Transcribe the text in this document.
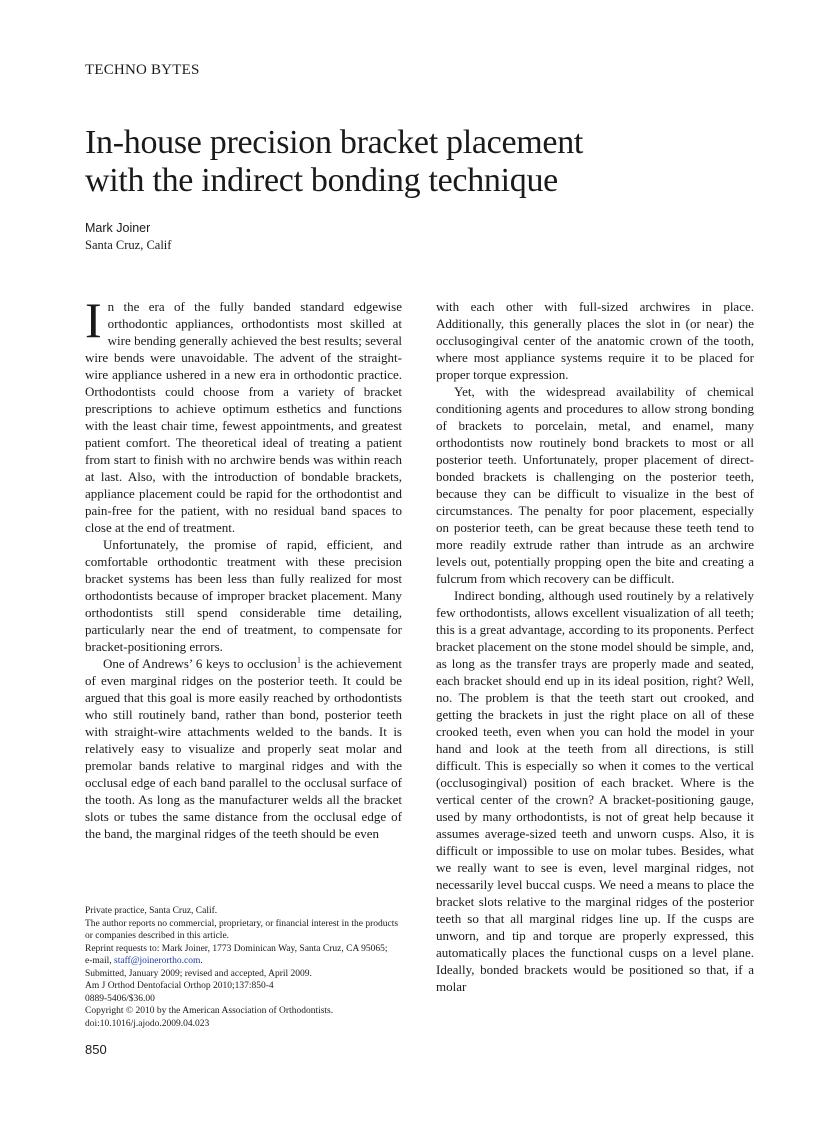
TECHNO BYTES
In-house precision bracket placement
with the indirect bonding technique
Mark Joiner
Santa Cruz, Calif

In the era of the fully banded standard edgewise orthodontic appliances, orthodontists most skilled at wire bending generally achieved the best results; several wire bends were unavoidable. The advent of the straight-wire appliance ushered in a new era in orthodontic practice. Orthodontists could choose from a variety of bracket prescriptions to achieve optimum esthetics and functions with the least chair time, fewest appointments, and greatest patient comfort. The theoretical ideal of treating a patient from start to finish with no archwire bends was within reach at last. Also, with the introduction of bondable brackets, appliance placement could be rapid for the orthodontist and pain-free for the patient, with no residual band spaces to close at the end of treatment.

Unfortunately, the promise of rapid, efficient, and comfortable orthodontic treatment with these precision bracket systems has been less than fully realized for most orthodontists because of improper bracket placement. Many orthodontists still spend considerable time detailing, particularly near the end of treatment, to compensate for bracket-positioning errors.

One of Andrews’ 6 keys to occlusion$^1$ is the achievement of even marginal ridges on the posterior teeth. It could be argued that this goal is more easily reached by orthodontists who still routinely band, rather than bond, posterior teeth with straight-wire attachments welded to the bands. It is relatively easy to visualize and properly seat molar and premolar bands relative to marginal ridges and with the occlusal edge of each band parallel to the occlusal surface of the tooth. As long as the manufacturer welds all the bracket slots or tubes the same distance from the occlusal edge of the band, the marginal ridges of the teeth should be even

with each other with full-sized archwires in place. Additionally, this generally places the slot in (or near) the occlusogingival center of the anatomic crown of the tooth, where most appliance systems require it to be placed for proper torque expression.

Yet, with the widespread availability of chemical conditioning agents and procedures to allow strong bonding of brackets to porcelain, metal, and enamel, many orthodontists now routinely bond brackets to most or all posterior teeth. Unfortunately, proper placement of direct-bonded brackets is challenging on the posterior teeth, because they can be difficult to visualize in the best of circumstances. The penalty for poor placement, especially on posterior teeth, can be great because these teeth tend to more readily extrude rather than intrude as an archwire levels out, potentially propping open the bite and creating a fulcrum from which recovery can be difficult.

Indirect bonding, although used routinely by a relatively few orthodontists, allows excellent visualization of all teeth; this is a great advantage, according to its proponents. Perfect bracket placement on the stone model should be simple, and, as long as the transfer trays are properly made and seated, each bracket should end up in its ideal position, right? Well, no. The problem is that the teeth start out crooked, and getting the brackets in just the right place on all of these crooked teeth, even when you can hold the model in your hand and look at the teeth from all directions, is still difficult. This is especially so when it comes to the vertical (occlusogingival) position of each bracket. Where is the vertical center of the crown? A bracket-positioning gauge, used by many orthodontists, is not of great help because it assumes average-sized teeth and unworn cusps. Also, it is difficult or impossible to use on molar tubes. Besides, what we really want to see is even, level marginal ridges, not necessarily level buccal cusps. We need a means to place the bracket slots relative to the marginal ridges of the posterior teeth so that all marginal ridges line up. If the cusps are unworn, and tip and torque are properly expressed, this automatically places the functional cusps on a level plane. Ideally, bonded brackets would be positioned so that, if a molar

Private practice, Santa Cruz, Calif.
The author reports no commercial, proprietary, or financial interest in the products or companies described in this article.
Reprint requests to: Mark Joiner, 1773 Dominican Way, Santa Cruz, CA 95065;
e-mail, staff@joinerortho.com.
Submitted, January 2009; revised and accepted, April 2009.
Am J Orthod Dentofacial Orthop 2010;137:850-4
0889-5406/$36.00
Copyright © 2010 by the American Association of Orthodontists.
doi:10.1016/j.ajodo.2009.04.023
850
